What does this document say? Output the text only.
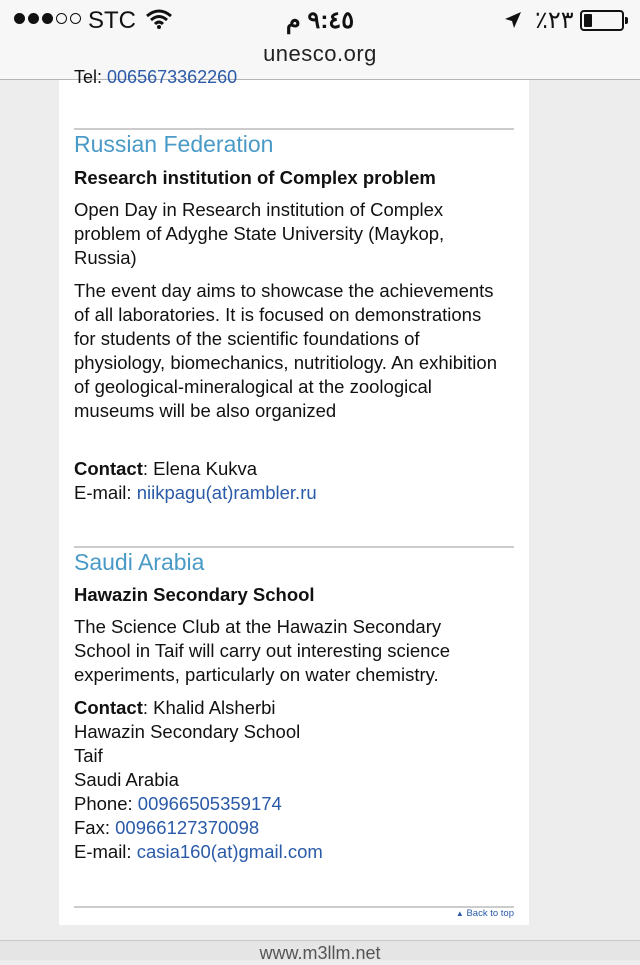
STC	٩:٤٥ م	٪٢٣
unesco.org
Tel: 0065673362260
Russian Federation
Research institution of Complex problem
Open Day in Research institution of Complex problem of Adyghe State University (Maykop, Russia)
The event day aims to showcase the achievements of all laboratories. It is focused on demonstrations for students of the scientific foundations of physiology, biomechanics, nutritiology. An exhibition of geological-mineralogical at the zoological museums will be also organized
Contact: Elena Kukva
E-mail: niikpagu(at)rambler.ru
Saudi Arabia
Hawazin Secondary School
The Science Club at the Hawazin Secondary School in Taif will carry out interesting science experiments, particularly on water chemistry.
Contact: Khalid Alsherbi
Hawazin Secondary School
Taif
Saudi Arabia
Phone: 00966505359174
Fax: 00966127370098
E-mail: casia160(at)gmail.com
▲ Back to top
www.m3llm.net
